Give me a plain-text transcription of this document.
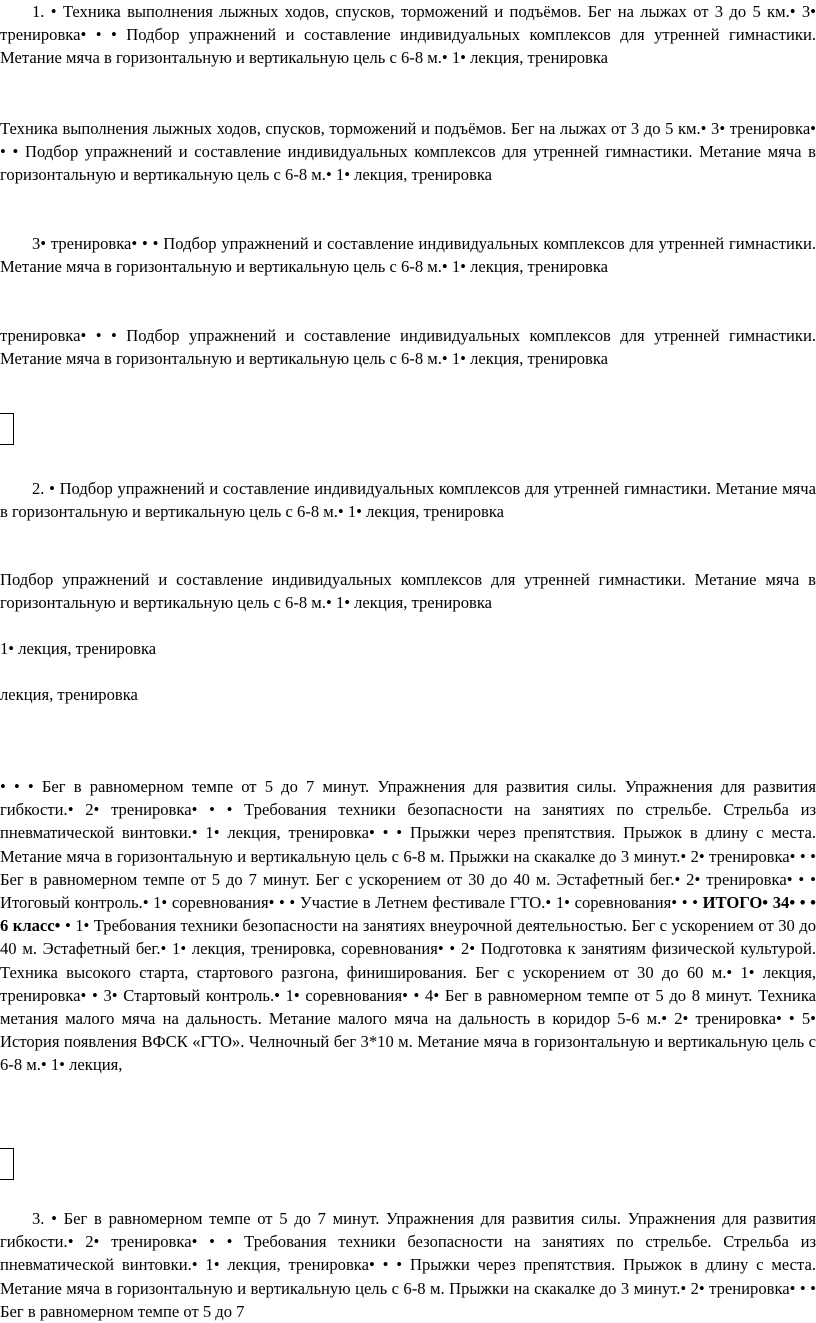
1. • Техника выполнения лыжных ходов, спусков, торможений и подъёмов. Бег на лыжах от 3 до 5 км.• 3• тренировка• • • Подбор упражнений и составление индивидуальных комплексов для утренней гимнастики. Метание мяча в горизонтальную и вертикальную цель с 6-8 м.• 1• лекция, тренировка

Техника выполнения лыжных ходов, спусков, торможений и подъёмов. Бег на лыжах от 3 до 5 км.• 3• тренировка• • • Подбор упражнений и составление индивидуальных комплексов для утренней гимнастики. Метание мяча в горизонтальную и вертикальную цель с 6-8 м.• 1• лекция, тренировка

3• тренировка• • • Подбор упражнений и составление индивидуальных комплексов для утренней гимнастики. Метание мяча в горизонтальную и вертикальную цель с 6-8 м.• 1• лекция, тренировка

тренировка• • • Подбор упражнений и составление индивидуальных комплексов для утренней гимнастики. Метание мяча в горизонтальную и вертикальную цель с 6-8 м.• 1• лекция, тренировка

2. • Подбор упражнений и составление индивидуальных комплексов для утренней гимнастики. Метание мяча в горизонтальную и вертикальную цель с 6-8 м.• 1• лекция, тренировка

Подбор упражнений и составление индивидуальных комплексов для утренней гимнастики. Метание мяча в горизонтальную и вертикальную цель с 6-8 м.• 1• лекция, тренировка

1• лекция, тренировка

лекция, тренировка

• • • Бег в равномерном темпе от 5 до 7 минут. Упражнения для развития силы. Упражнения для развития гибкости.• 2• тренировка• • • Требования техники безопасности на занятиях по стрельбе. Стрельба из пневматической винтовки.• 1• лекция, тренировка• • • Прыжки через препятствия. Прыжок в длину с места. Метание мяча в горизонтальную и вертикальную цель с 6-8 м. Прыжки на скакалке до 3 минут.• 2• тренировка• • • Бег в равномерном темпе от 5 до 7 минут. Бег с ускорением от 30 до 40 м. Эстафетный бег.• 2• тренировка• • • Итоговый контроль.• 1• соревнования• • • Участие в Летнем фестивале ГТО.• 1• соревнования• • • ИТОГО• 34• • • 6 класс• • 1• Требования техники безопасности на занятиях внеурочной деятельностью. Бег с ускорением от 30 до 40 м. Эстафетный бег.• 1• лекция, тренировка, соревнования• • 2• Подготовка к занятиям физической культурой. Техника высокого старта, стартового разгона, финиширования. Бег с ускорением от 30 до 60 м.• 1• лекция, тренировка• • 3• Стартовый контроль.• 1• соревнования• • 4• Бег в равномерном темпе от 5 до 8 минут. Техника метания малого мяча на дальность. Метание малого мяча на дальность в коридор 5-6 м.• 2• тренировка• • 5• История появления ВФСК «ГТО». Челночный бег 3*10 м. Метание мяча в горизонтальную и вертикальную цель с 6-8 м.• 1• лекция,

3. • Бег в равномерном темпе от 5 до 7 минут. Упражнения для развития силы. Упражнения для развития гибкости.• 2• тренировка• • • Требования техники безопасности на занятиях по стрельбе. Стрельба из пневматической винтовки.• 1• лекция, тренировка• • • Прыжки через препятствия. Прыжок в длину с места. Метание мяча в горизонтальную и вертикальную цель с 6-8 м. Прыжки на скакалке до 3 минут.• 2• тренировка• • • Бег в равномерном темпе от 5 до 7
